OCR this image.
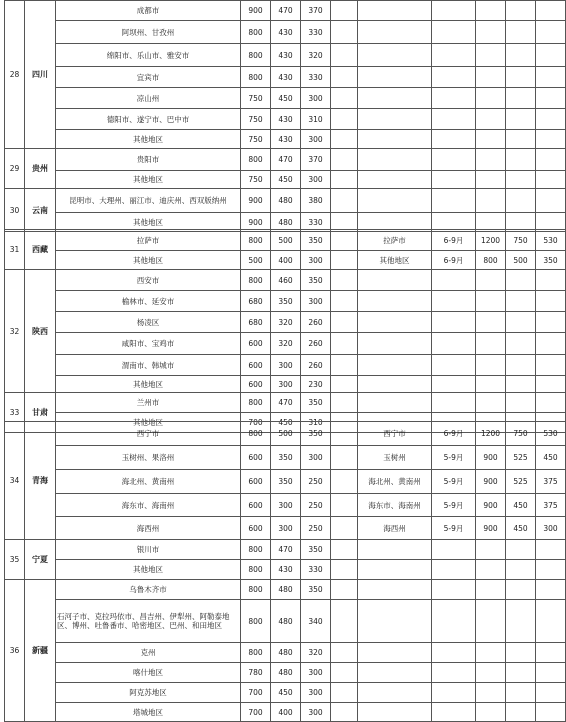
28	四川	成都市	900	470	370						
		阿坝州、甘孜州	800	430	330						
		绵阳市、乐山市、雅安市	800	430	320						
		宜宾市	800	430	330						
		凉山州	750	450	300						
		德阳市、遂宁市、巴中市	750	430	310						
		其他地区	750	430	300						
29	贵州	贵阳市	800	470	370						
		其他地区	750	450	300						
30	云南	昆明市、大理州、丽江市、迪庆州、西双版纳州	900	480	380						
		其他地区	900	480	330						
31	西藏	拉萨市	800	500	350		拉萨市	6-9月	1200	750	530
		其他地区	500	400	300		其他地区	6-9月	800	500	350
32	陕西	西安市	800	460	350						
		榆林市、延安市	680	350	300						
		杨凌区	680	320	260						
		咸阳市、宝鸡市	600	320	260						
		渭南市、韩城市	600	300	260						
		其他地区	600	300	230						
33	甘肃	兰州市	800	470	350						
		其他地区	700	450	310						
34	青海	西宁市	800	500	350		西宁市	6-9月	1200	750	530
		玉树州、果洛州	600	350	300		玉树州	5-9月	900	525	450
		海北州、黄南州	600	350	250		海北州、黄南州	5-9月	900	525	375
		海东市、海南州	600	300	250		海东市、海南州	5-9月	900	450	375
		海西州	600	300	250		海西州	5-9月	900	450	300
35	宁夏	银川市	800	470	350						
		其他地区	800	430	330						
36	新疆	乌鲁木齐市	800	480	350						
		石河子市、克拉玛依市、昌吉州、伊犁州、阿勒泰地区、博州、吐鲁番市、哈密地区、巴州、和田地区	800	480	340						
		克州	800	480	320						
		喀什地区	780	480	300						
		阿克苏地区	700	450	300						
		塔城地区	700	400	300						
